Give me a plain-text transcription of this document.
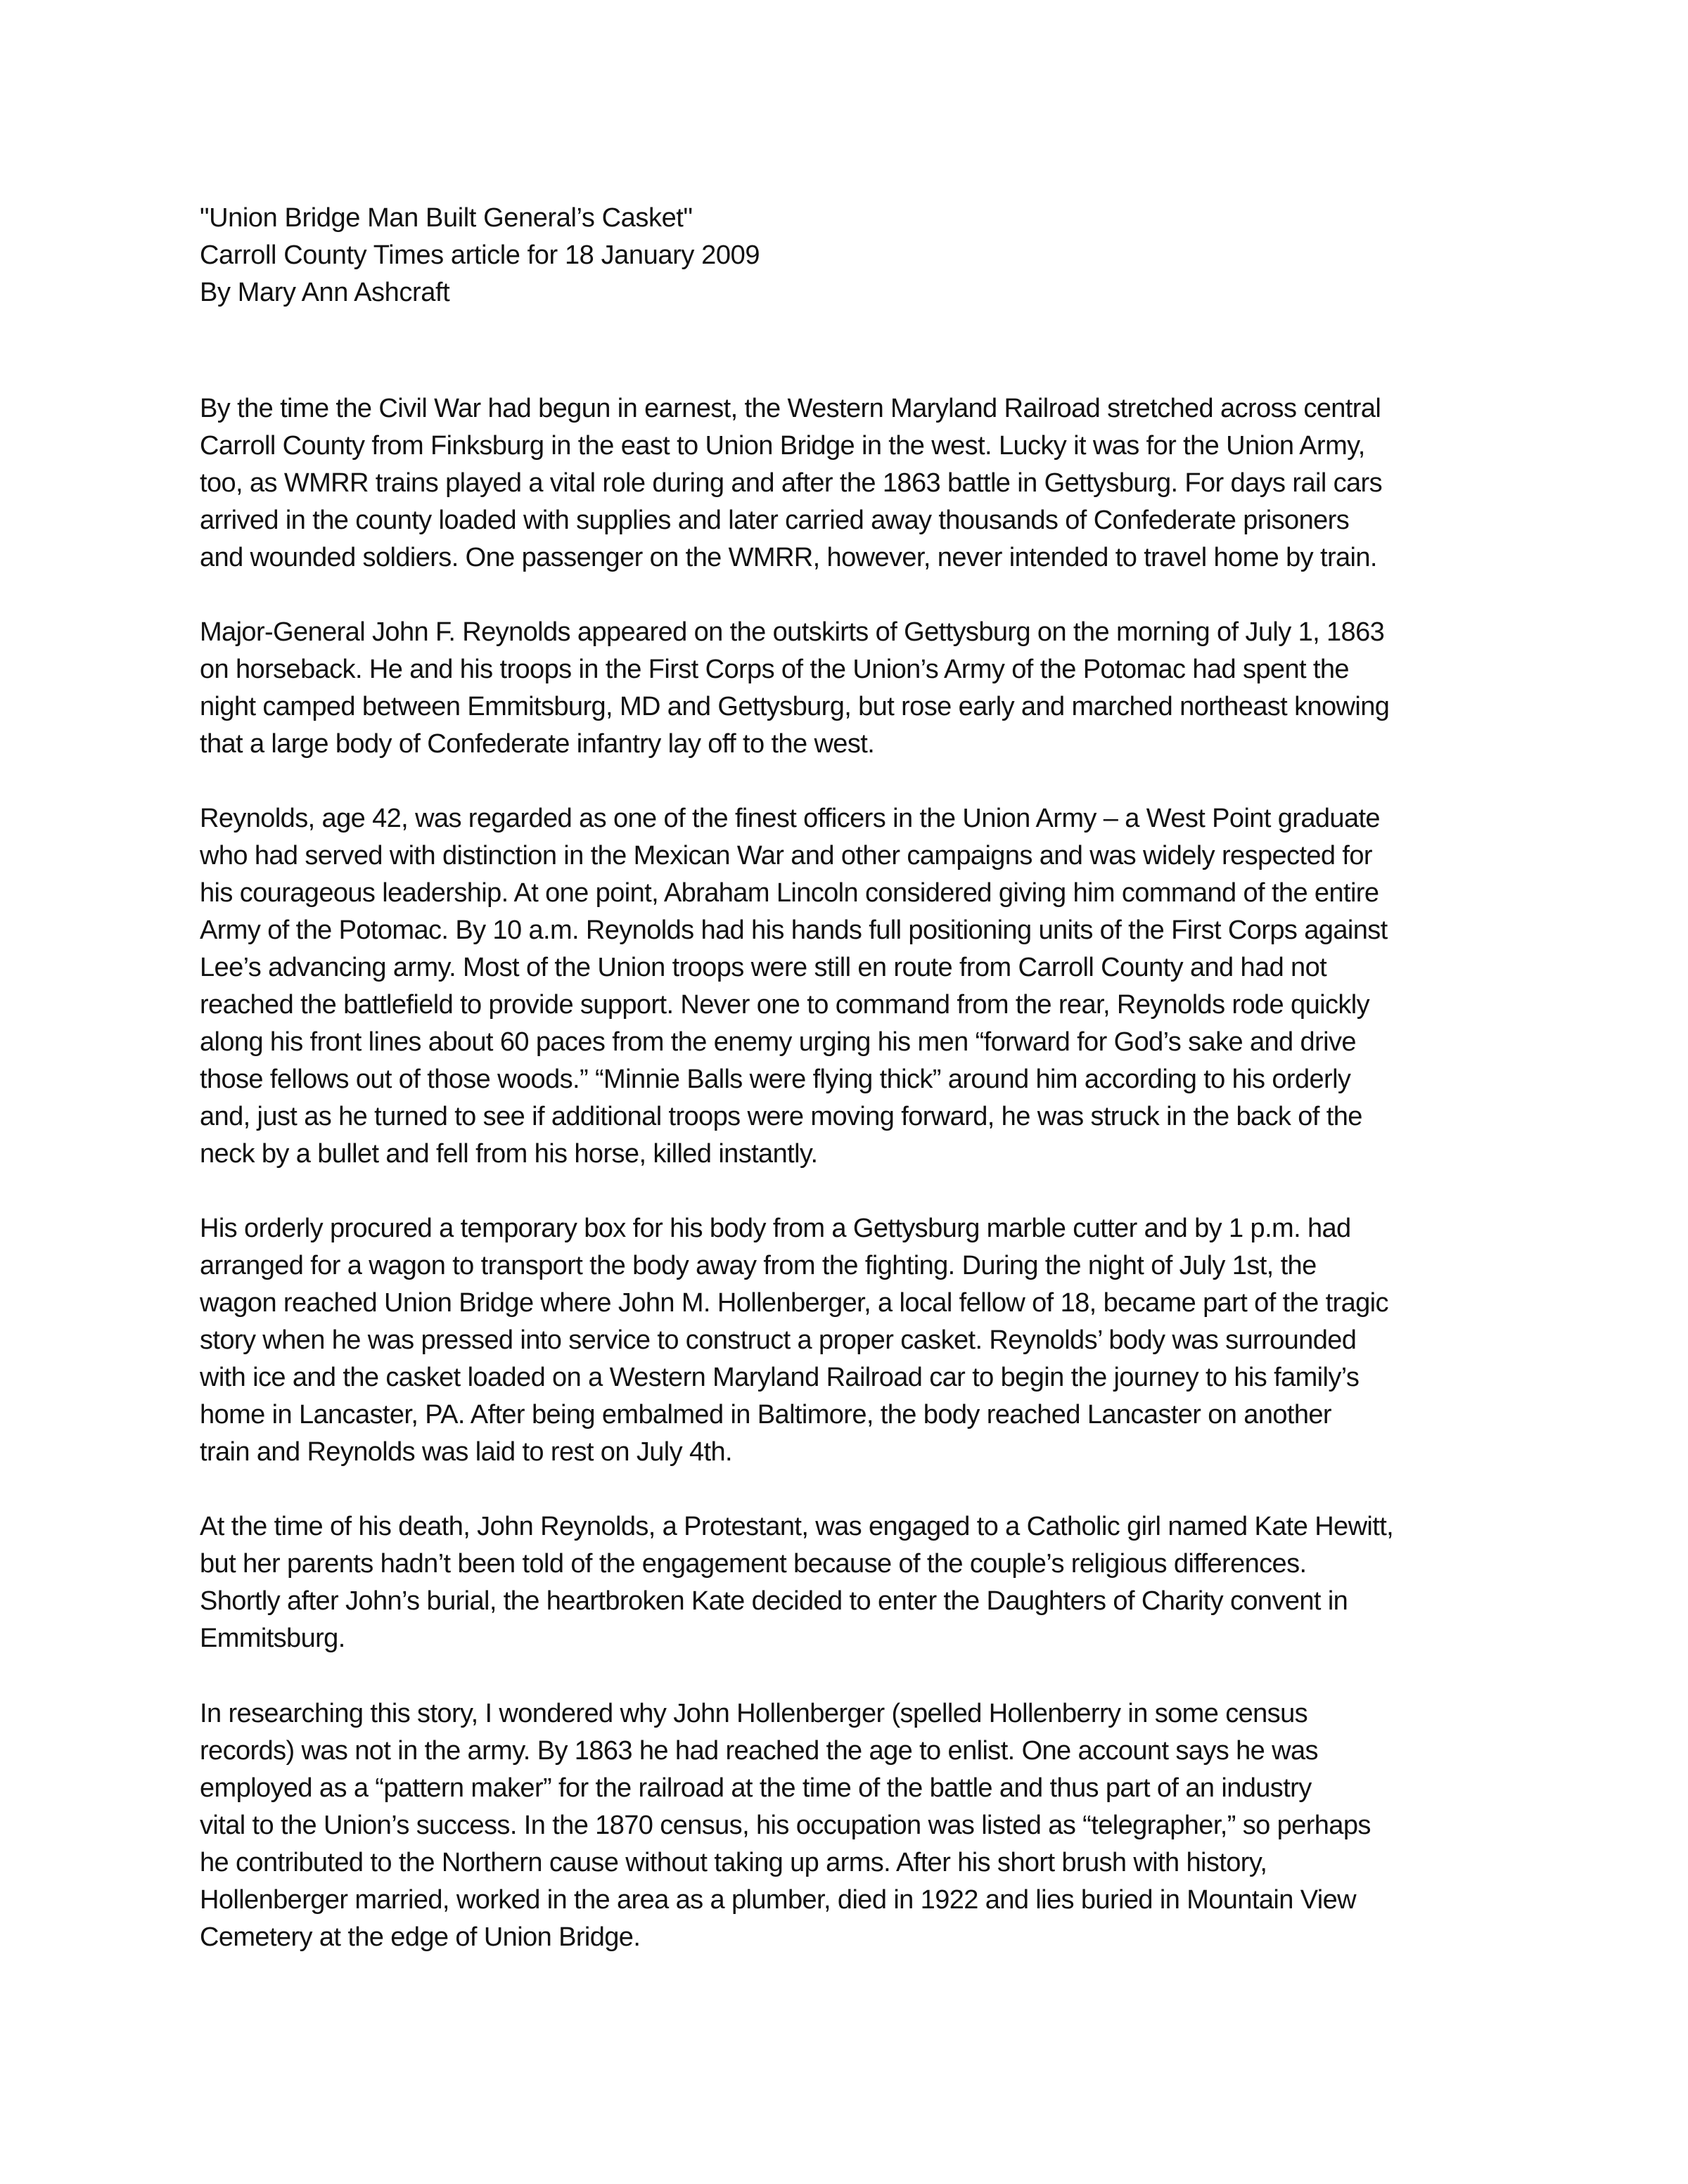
"Union Bridge Man Built General’s Casket"
Carroll County Times article for 18 January 2009
By Mary Ann Ashcraft
By the time the Civil War had begun in earnest, the Western Maryland Railroad stretched across central
Carroll County from Finksburg in the east to Union Bridge in the west. Lucky it was for the Union Army,
too, as WMRR trains played a vital role during and after the 1863 battle in Gettysburg. For days rail cars
arrived in the county loaded with supplies and later carried away thousands of Confederate prisoners
and wounded soldiers. One passenger on the WMRR, however, never intended to travel home by train.
Major-General John F. Reynolds appeared on the outskirts of Gettysburg on the morning of July 1, 1863
on horseback. He and his troops in the First Corps of the Union’s Army of the Potomac had spent the
night camped between Emmitsburg, MD and Gettysburg, but rose early and marched northeast knowing
that a large body of Confederate infantry lay off to the west.
Reynolds, age 42, was regarded as one of the finest officers in the Union Army – a West Point graduate
who had served with distinction in the Mexican War and other campaigns and was widely respected for
his courageous leadership. At one point, Abraham Lincoln considered giving him command of the entire
Army of the Potomac. By 10 a.m. Reynolds had his hands full positioning units of the First Corps against
Lee’s advancing army. Most of the Union troops were still en route from Carroll County and had not
reached the battlefield to provide support. Never one to command from the rear, Reynolds rode quickly
along his front lines about 60 paces from the enemy urging his men “forward for God’s sake and drive
those fellows out of those woods.” “Minnie Balls were flying thick” around him according to his orderly
and, just as he turned to see if additional troops were moving forward, he was struck in the back of the
neck by a bullet and fell from his horse, killed instantly.
His orderly procured a temporary box for his body from a Gettysburg marble cutter and by 1 p.m. had
arranged for a wagon to transport the body away from the fighting. During the night of July 1st, the
wagon reached Union Bridge where John M. Hollenberger, a local fellow of 18, became part of the tragic
story when he was pressed into service to construct a proper casket. Reynolds’ body was surrounded
with ice and the casket loaded on a Western Maryland Railroad car to begin the journey to his family’s
home in Lancaster, PA. After being embalmed in Baltimore, the body reached Lancaster on another
train and Reynolds was laid to rest on July 4th.
At the time of his death, John Reynolds, a Protestant, was engaged to a Catholic girl named Kate Hewitt,
but her parents hadn’t been told of the engagement because of the couple’s religious differences.
Shortly after John’s burial, the heartbroken Kate decided to enter the Daughters of Charity convent in
Emmitsburg.
In researching this story, I wondered why John Hollenberger (spelled Hollenberry in some census
records) was not in the army. By 1863 he had reached the age to enlist. One account says he was
employed as a “pattern maker” for the railroad at the time of the battle and thus part of an industry
vital to the Union’s success. In the 1870 census, his occupation was listed as “telegrapher,” so perhaps
he contributed to the Northern cause without taking up arms. After his short brush with history,
Hollenberger married, worked in the area as a plumber, died in 1922 and lies buried in Mountain View
Cemetery at the edge of Union Bridge.
